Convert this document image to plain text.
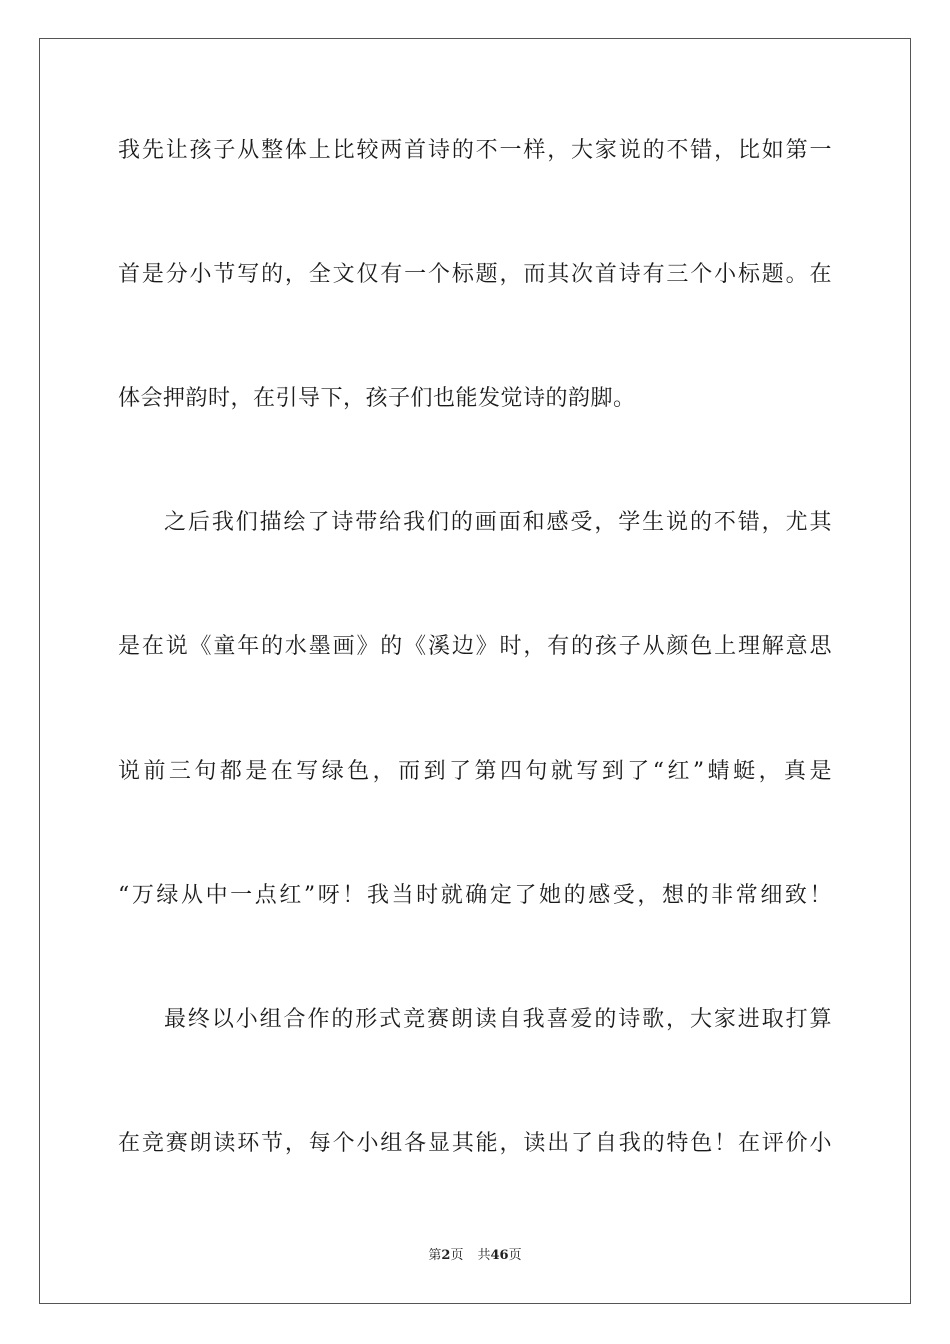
我先让孩子从整体上比较两首诗的不一样，大家说的不错，比如第一
首是分小节写的，全文仅有一个标题，而其次首诗有三个小标题。在
体会押韵时，在引导下，孩子们也能发觉诗的韵脚。
之后我们描绘了诗带给我们的画面和感受，学生说的不错，尤其
是在说《童年的水墨画》的《溪边》时，有的孩子从颜色上理解意思
说前三句都是在写绿色，而到了第四句就写到了“红”蜻蜓，真是
“万绿从中一点红”呀！我当时就确定了她的感受，想的非常细致！
最终以小组合作的形式竞赛朗读自我喜爱的诗歌，大家进取打算
在竞赛朗读环节，每个小组各显其能，读出了自我的特色！在评价小
第2页 共46页
